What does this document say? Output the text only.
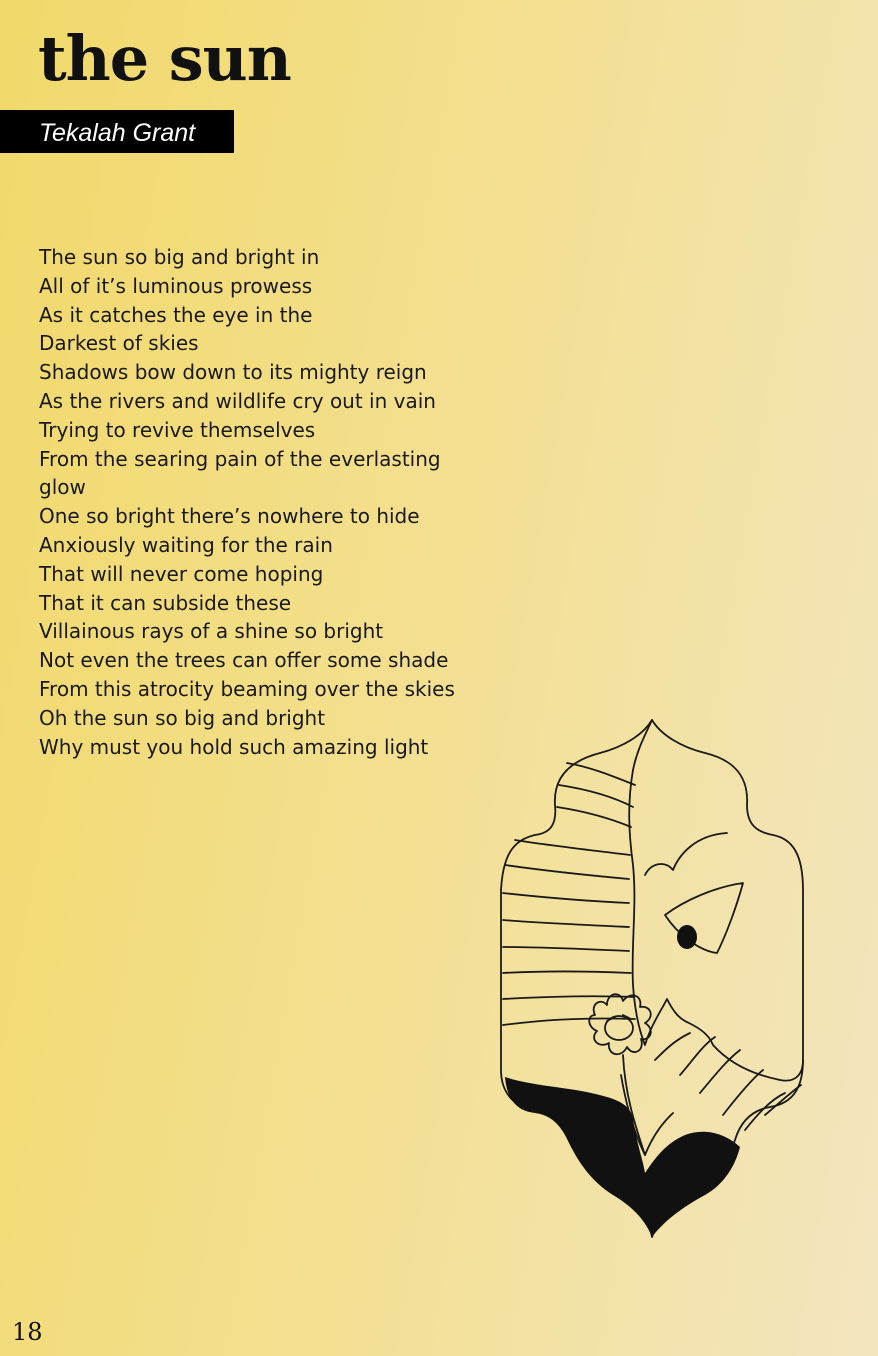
the sun
Tekalah Grant
The sun so big and bright in
All of it’s luminous prowess
As it catches the eye in the
Darkest of skies
Shadows bow down to its mighty reign
As the rivers and wildlife cry out in vain
Trying to revive themselves
From the searing pain of the everlasting
glow
One so bright there’s nowhere to hide
Anxiously waiting for the rain
That will never come hoping
That it can subside these
Villainous rays of a shine so bright
Not even the trees can offer some shade
From this atrocity beaming over the skies
Oh the sun so big and bright
Why must you hold such amazing light
18
